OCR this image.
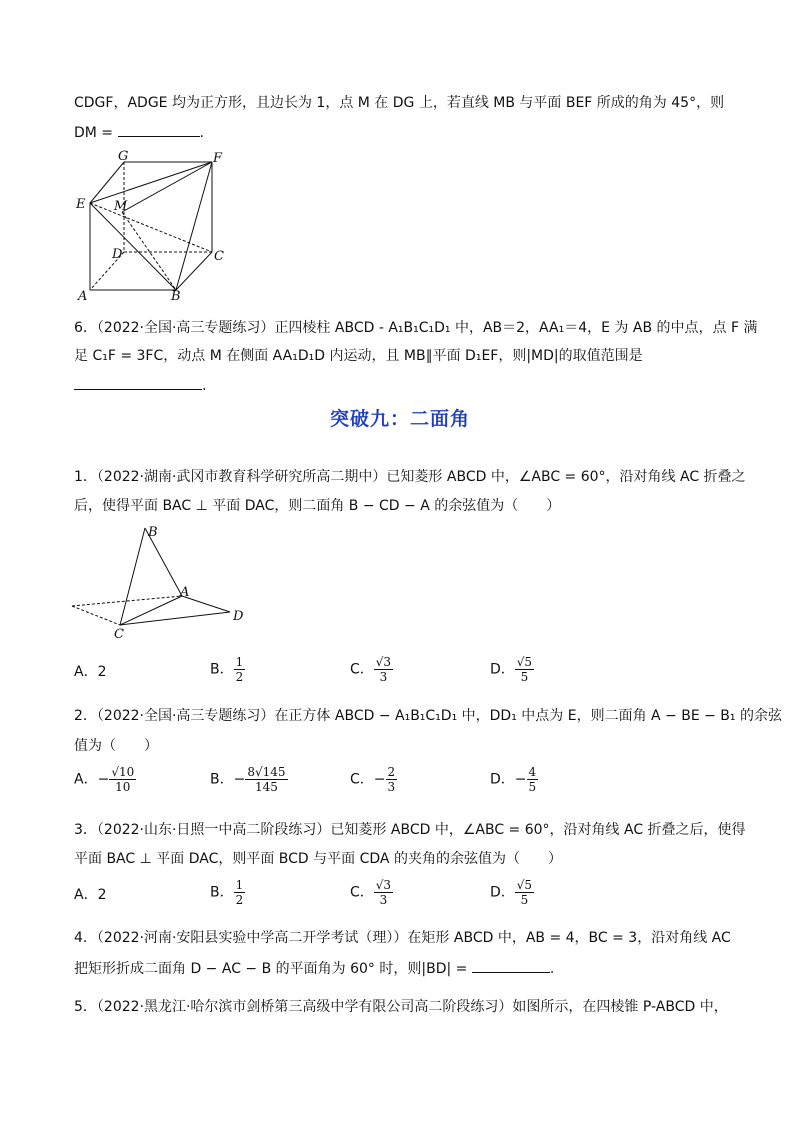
CDGF，ADGE 均为正方形，且边长为 1，点 M 在 DG 上，若直线 MB 与平面 BEF 所成的角为 45°，则
DM =	.
G	F
E M
D	C
A	B
6．（2022·全国·高三专题练习）正四棱柱 ABCD - A₁B₁C₁D₁ 中，AB＝2，AA₁＝4，E 为 AB 的中点，点 F 满
足 C₁F = 3FC，动点 M 在侧面 AA₁D₁D 内运动，且 MB∥平面 D₁EF，则|MD|的取值范围是
.
突破九：二面角
1．（2022·湖南·武冈市教育科学研究所高二期中）已知菱形 ABCD 中，∠ABC = 60°，沿对角线 AC 折叠之
后，使得平面 BAC ⊥ 平面 DAC，则二面角 B − CD − A 的余弦值为（　　）
B
A
C
D
A．2	B． $\frac{1}{2}$	C． $\frac{√3}{3}$	D． $\frac{√5}{5}$
2．（2022·全国·高三专题练习）在正方体 ABCD − A₁B₁C₁D₁ 中，DD₁ 中点为 E，则二面角 A − BE − B₁ 的余弦
值为（　　）
A．− $\frac{√10}{10}$	B．− $\frac{8√145}{145}$	C．− $\frac{2}{3}$	D．− $\frac{4}{5}$
3．（2022·山东·日照一中高二阶段练习）已知菱形 ABCD 中，∠ABC = 60°，沿对角线 AC 折叠之后，使得
平面 BAC ⊥ 平面 DAC，则平面 BCD 与平面 CDA 的夹角的余弦值为（　　）
A．2	B． $\frac{1}{2}$	C． $\frac{√3}{3}$	D． $\frac{√5}{5}$
4．（2022·河南·安阳县实验中学高二开学考试（理））在矩形 ABCD 中，AB = 4，BC = 3，沿对角线 AC
把矩形折成二面角 D − AC − B 的平面角为 60° 时，则|BD| =	.
5．（2022·黑龙江·哈尔滨市剑桥第三高级中学有限公司高二阶段练习）如图所示，在四棱锥 P-ABCD 中，
